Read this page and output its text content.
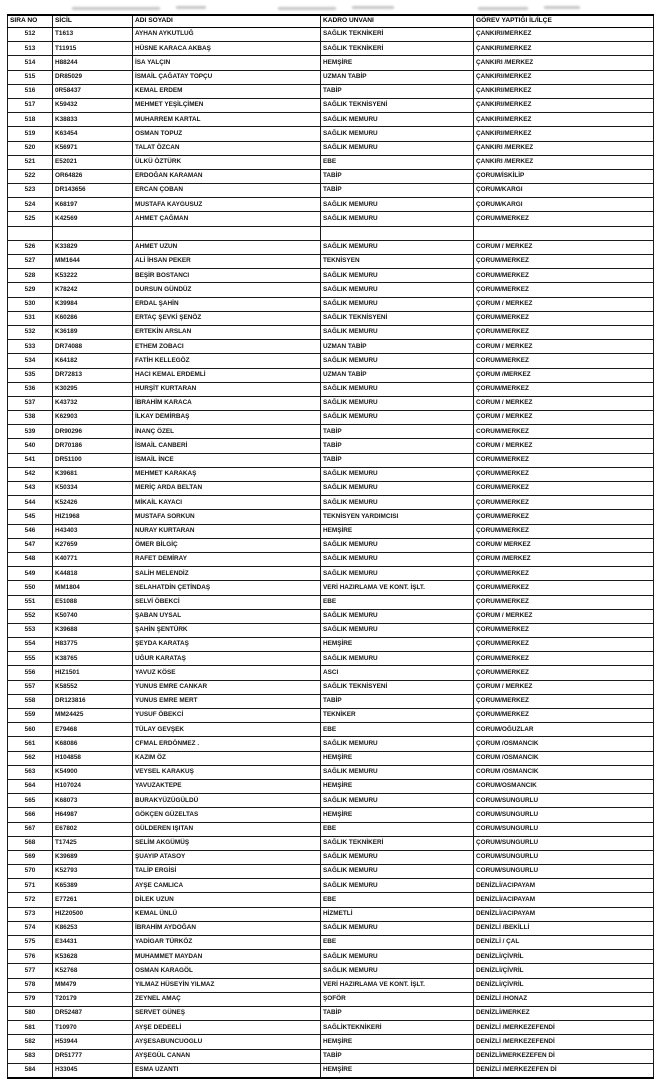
SIRA NO	SİCİL	ADI SOYADI	KADRO UNVANI	GÖREV YAPTIĞI İL/İLÇE
512	T1613	AYHAN AYKUTLUĞ	SAĞLIK TEKNİKERİ	ÇANKIRI/MERKEZ
513	T11915	HÜSNE KARACA AKBAŞ	SAĞLIK TEKNİKERİ	ÇANKIRI/MERKEZ
514	H88244	İSA YALÇIN	HEMŞİRE	ÇANKIRI /MERKEZ
515	DR85029	İSMAİL ÇAĞATAY TOPÇU	UZMAN TABİP	ÇANKIRI/MERKEZ
516	0R58437	KEMAL ERDEM	TABİP	ÇANKIRI/MERKEZ
517	K59432	MEHMET YEŞİLÇİMEN	SAĞLIK TEKNİSYENİ	ÇANKIRI/MERKEZ
518	K38833	MUHARREM KARTAL	SAĞLIK MEMURU	ÇANKIRI/MERKEZ
519	K63454	OSMAN TOPUZ	SAĞLIK MEMURU	ÇANKIRI/MERKEZ
520	K56971	TALAT ÖZCAN	SAĞLIK MEMURU	ÇANKIRI /MERKEZ
521	E52021	ÜLKÜ ÖZTÜRK	EBE	ÇANKIRI /MERKEZ
522	OR64826	ERDOĞAN KARAMAN	TABİP	ÇORUM/İSKİLİP
523	DR143656	ERCAN ÇOBAN	TABİP	ÇORUM/KARGI
524	K68197	MUSTAFA KAYGUSUZ	SAĞLIK MEMURU	ÇORUM/KARGI
525	K42569	AHMET ÇAĞMAN	SAĞLIK MEMURU	ÇORUM/MERKEZ

526	K33829	AHMET UZUN	SAĞLIK MEMURU	CORUM / MERKEZ
527	MM1644	ALİ İHSAN PEKER	TEKNİSYEN	ÇORUM/MERKEZ
528	K53222	BEŞİR BOSTANCI	SAĞLIK MEMURU	CORUM/MERKEZ
529	K78242	DURSUN GÜNDÜZ	SAĞLIK MEMURU	ÇORUM/MERKEZ
530	K39984	ERDAL ŞAHİN	SAĞLIK MEMURU	ÇORUM / MERKEZ
531	K60286	ERTAÇ ŞEVKİ ŞENÖZ	SAĞLIK TEKNİSYENİ	ÇORUM/MERKEZ
532	K36189	ERTEKİN ARSLAN	SAĞLIK MEMURU	ÇORUM/MERKEZ
533	DR74088	ETHEM ZOBACI	UZMAN TABİP	CORUM / MERKEZ
534	K64182	FATİH KELLEGÖZ	SAĞLIK MEMURU	CORUM/MERKEZ
535	DR72813	HACI KEMAL ERDEMLİ	UZMAN TABİP	ÇORUM /MERKEZ
536	K30295	HURŞİT KURTARAN	SAĞLIK MEMURU	ÇORUM/MERKEZ
537	K43732	İBRAHİM KARACA	SAĞLIK MEMURU	CORUM / MERKEZ
538	K62903	İLKAY DEMİRBAŞ	SAĞLIK MEMURU	ÇORUM / MERKEZ
539	DR90296	İNANÇ ÖZEL	TABİP	CORUM/MERKEZ
540	DR70186	İSMAİL CANBERİ	TABİP	CORUM / MERKEZ
541	DR51100	İSMAİL İNCE	TABİP	CORUM/MERKEZ
542	K39681	MEHMET KARAKAŞ	SAĞLIK MEMURU	ÇORUM/MERKEZ
543	K50334	MERİÇ ARDA BELTAN	SAĞLIK MEMURU	CORUM/MERKEZ
544	K52426	MİKAİL KAYACI	SAĞLIK MEMURU	ÇORUM/MERKEZ
545	HIZ1968	MUSTAFA SORKUN	TEKNİSYEN YARDIMCISI	ÇORUM/MERKEZ
546	H43403	NURAY KURTARAN	HEMŞİRE	ÇORUM/MERKEZ
547	K27659	ÖMER BİLGİÇ	SAĞLIK MEMURU	CORUM/ MERKEZ
548	K40771	RAFET DEMİRAY	SAĞLIK MEMURU	ÇORUM /MERKEZ
549	K44818	SALİH MELENDİZ	SAĞLIK MEMURU	ÇORUM/MERKEZ
550	MM1804	SELAHATDİN ÇETİNDAŞ	VERİ HAZIRLAMA VE KONT. İŞLT.	ÇORUM/MERKEZ
551	E51088	SELVİ ÖBEKCİ	EBE	ÇORUM/MERKEZ
552	K50740	ŞABAN UYSAL	SAĞLIK MEMURU	ÇORUM / MERKEZ
553	K39688	ŞAHİN ŞENTÜRK	SAĞLIK MEMURU	ÇORUM/MERKEZ
554	H83775	ŞEYDA KARATAŞ	HEMŞİRE	ÇORUM/MERKEZ
555	K38765	UĞUR KARATAŞ	SAĞLIK MEMURU	ÇORUM/MERKEZ
556	HIZ1501	YAVUZ KÖSE	ASCI	ÇORUM/MERKEZ
557	K58552	YUNUS EMRE CANKAR	SAĞLIK TEKNİSYENİ	ÇORUM / MERKEZ
558	DR123816	YUNUS EMRE MERT	TABİP	ÇORUM/MERKEZ
559	MM24425	YUSUF ÖBEKCİ	TEKNİKER	ÇORUM/MERKEZ
560	E79468	TÜLAY GEVŞEK	EBE	CORUM/OĞUZLAR
561	K68086	CFMAL ERDÖNMEZ .	SAĞLIK MEMURU	ÇORUM /OSMANCIK
562	H104858	KAZIM ÖZ	HEMŞİRE	CORUM /OSMANCIK
563	K54900	VEYSEL KARAKUŞ	SAĞLIK MEMURU	CORUM /OSMANCIK
564	H107024	YAVUZAKTEPE	HEMŞİRE	CORUM/OSMANCIK
565	K68073	BURAKYÜZÜGÜLDÜ	SAĞLIK MEMURU	CORUM/SUNGURLU
566	H64987	GÖKÇEN GÜZELTAS	HEMŞİRE	CORUM/SUNGURLU
567	E67802	GÜLDEREN IŞITAN	EBE	CORUM/SUNGURLU
568	T17425	SELİM AKGÜMÜŞ	SAĞLIK TEKNİKERİ	ÇORUM/SUNGURLU
569	K39689	ŞUAYIP ATASOY	SAĞLIK MEMURU	CORUM/SUNGURLU
570	K52793	TALİP ERGİSİ	SAĞLIK MEMURU	CORUM/SUNGURLU
571	K65389	AYŞE CAMLICA	SAĞLIK MEMURU	DENİZLİ/ACIPAYAM
572	E77261	DİLEK UZUN	EBE	DENİZLİ/ACIPAYAM
573	HIZ20500	KEMAL ÜNLÜ	HİZMETLİ	DENİZLİ/ACIPAYAM
574	K86253	İBRAHİM AYDOĞAN	SAĞLIK MEMURU	DENİZLİ /BEKİLLİ
575	E34431	YADİGAR TÜRKÖZ	EBE	DENİZLİ / ÇAL
576	K53628	MUHAMMET MAYDAN	SAĞLIK MEMURU	DENİZLİ/ÇİVRİL
577	K52768	OSMAN KARAGÖL	SAĞLIK MEMURU	DENİZLİ/ÇİVRİL
578	MM479	YILMAZ HÜSEYİN YILMAZ	VERİ HAZIRLAMA VE KONT. İŞLT.	DENİZLİ/ÇİVRİL
579	T20179	ZEYNEL AMAÇ	ŞOFÖR	DENİZLİ /HONAZ
580	DR52487	SERVET GÜNEŞ	TABİP	DENİZLİ/MERKEZ
581	T10970	AYŞE DEDEELİ	SAĞLİKTEKNİKERİ	DENİZLİ /MERKEZEFENDİ
582	H53944	AYŞESABUNCUOGLU	HEMŞİRE	DENİZLİ /MERKEZEFENDİ
583	DR51777	AYŞEGÜL CANAN	TABİP	DENİZLİ/MERKEZEFEN Dİ
584	H33045	ESMA UZANTI	HEMŞİRE	DENİZLİ /MERKEZEFEN Dİ
